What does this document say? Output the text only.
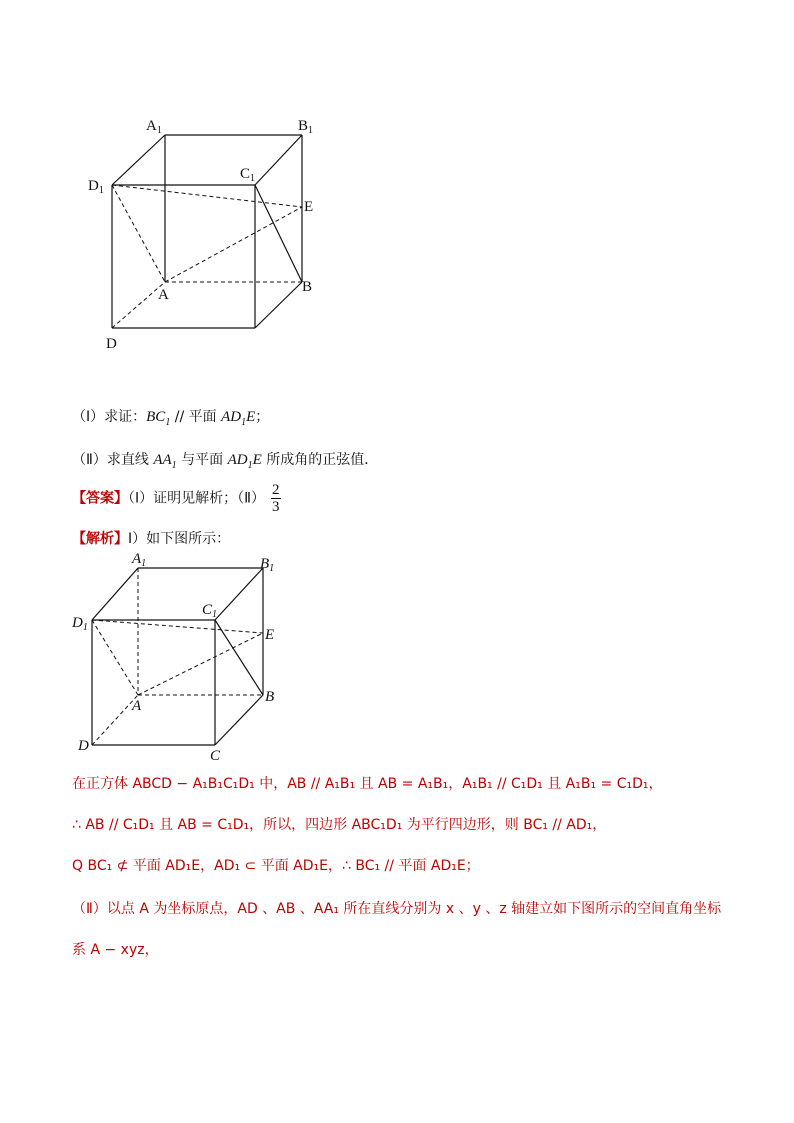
$A_1$	$B_1$
$C_1$
$D_1$
E
A	B
D
（Ⅰ）求证：$BC_1$ // 平面 $AD_1E$；
（Ⅱ）求直线 $AA_1$ 与平面 $AD_1E$ 所成角的正弦值．
【答案】（Ⅰ）证明见解析；（Ⅱ） $\frac{2}{3}$
【解析】Ⅰ）如下图所示：
$A_1$	$B_1$
$C_1$
$D_1$	E
A
B
C
D
在正方体 ABCD − A₁B₁C₁D₁ 中，AB // A₁B₁ 且 AB = A₁B₁，A₁B₁ // C₁D₁ 且 A₁B₁ = C₁D₁，
∴ AB // C₁D₁ 且 AB = C₁D₁，所以，四边形 ABC₁D₁ 为平行四边形，则 BC₁ // AD₁，
Q BC₁ ⊄ 平面 AD₁E，AD₁ ⊂ 平面 AD₁E，∴ BC₁ // 平面 AD₁E；
（Ⅱ）以点 A 为坐标原点，AD 、AB 、AA₁ 所在直线分别为 x 、y 、z 轴建立如下图所示的空间直角坐标
系 A − xyz，
